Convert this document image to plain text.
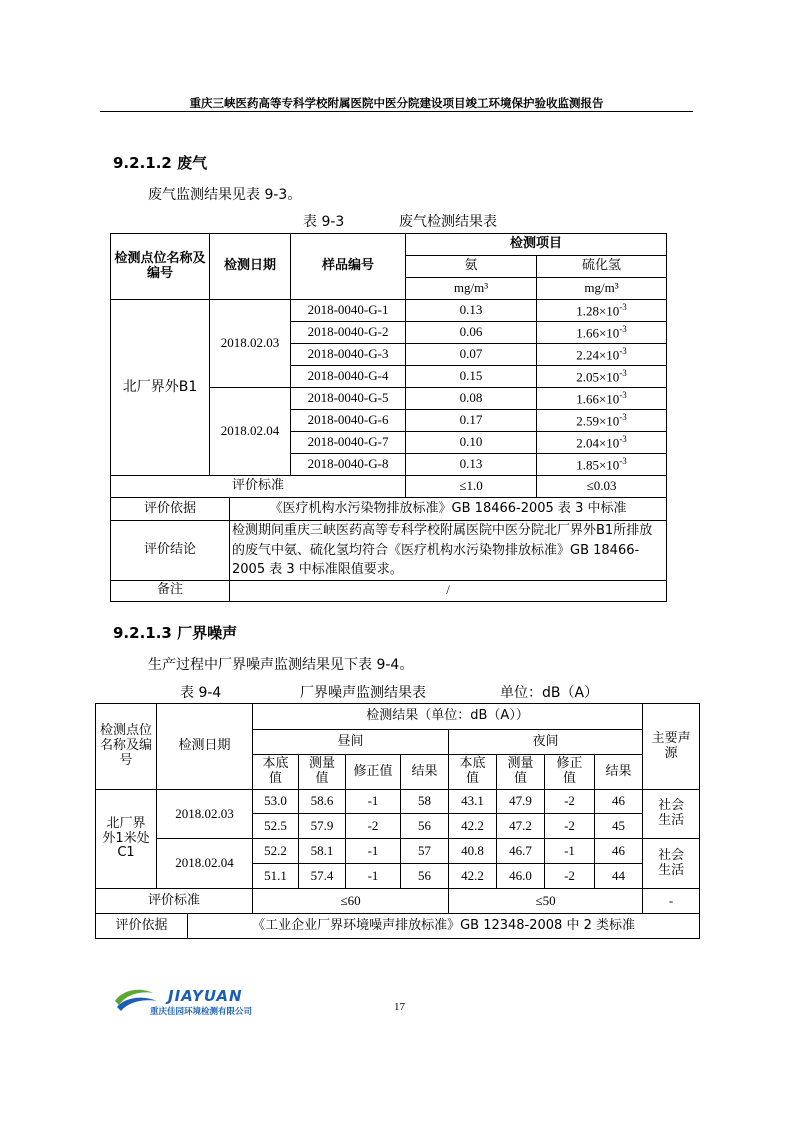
重庆三峡医药高等专科学校附属医院中医分院建设项目竣工环境保护验收监测报告
9.2.1.2 废气
废气监测结果见表 9-3。
表 9-3	废气检测结果表
检测点位名称及编号	检测日期		样品编号	检测项目	
				氨	硫化氢
				mg/m³	mg/m³
北厂界外B1	2018.02.03		2018-0040-G-1	0.13	$1.28\times 10^{-3}$
			2018-0040-G-2	0.06	$1.66\times 10^{-3}$
			2018-0040-G-3	0.07	$2.24\times 10^{-3}$
			2018-0040-G-4	0.15	$2.05\times 10^{-3}$
	2018.02.04		2018-0040-G-5	0.08	$1.66\times 10^{-3}$
			2018-0040-G-6	0.17	$2.59\times 10^{-3}$
			2018-0040-G-7	0.10	$2.04\times 10^{-3}$
			2018-0040-G-8	0.13	$1.85\times 10^{-3}$
评价标准				≤1.0	≤0.03
评价依据		《医疗机构水污染物排放标准》GB 18466-2005 表 3 中标准			
评价结论		检测期间重庆三峡医药高等专科学校附属医院中医分院北厂界外B1所排放的废气中氨、硫化氢均符合《医疗机构水污染物排放标准》GB 18466-2005 表 3 中标准限值要求。			
备注		/			
9.2.1.3 厂界噪声
生产过程中厂界噪声监测结果见下表 9-4。
表 9-4	厂界噪声监测结果表	单位：dB（A）
检测点位名称及编号	检测日期		检测结果（单位：dB（A））								主要声源
			昼间				夜间				
			本底值	测量值	修正值	结果	本底值	测量值	修正值	结果	
北厂界外1米处C1	2018.02.03		53.0	58.6	-1	58	43.1	47.9	-2	46	社会生活
			52.5	57.9	-2	56	42.2	47.2	-2	45	
	2018.02.04		52.2	58.1	-1	57	40.8	46.7	-1	46	社会生活
			51.1	57.4	-1	56	42.2	46.0	-2	44	
评价标准			≤60				≤50				-
评价依据		《工业企业厂界环境噪声排放标准》GB 12348-2008 中 2 类标准									
JIAYUAN
重庆佳园环境检测有限公司	17
